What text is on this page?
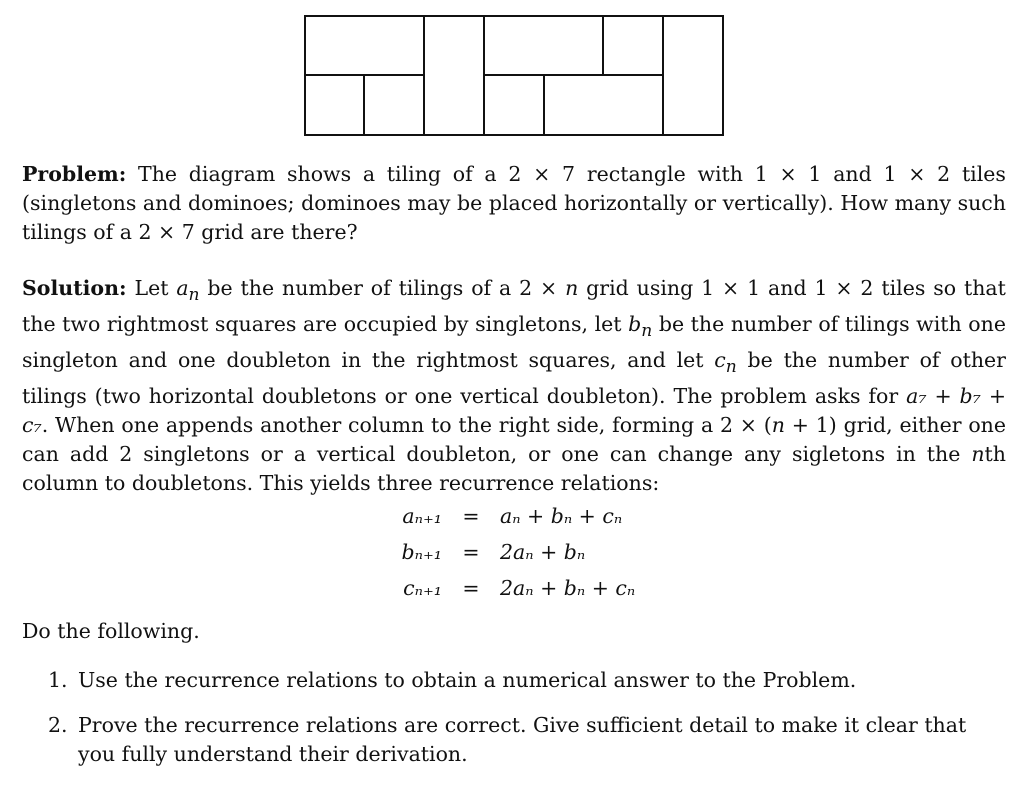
Problem: The diagram shows a tiling of a 2 × 7 rectangle with 1 × 1 and 1 × 2 tiles (singletons and dominoes; dominoes may be placed horizontally or vertically). How many such tilings of a 2 × 7 grid are there?

Solution: Let $a_n$ be the number of tilings of a 2 × n grid using 1 × 1 and 1 × 2 tiles so that the two rightmost squares are occupied by singletons, let $b_n$ be the number of tilings with one singleton and one doubleton in the rightmost squares, and let $c_n$ be the number of other tilings (two horizontal doubletons or one vertical doubleton). The problem asks for a₇ + b₇ + c₇. When one appends another column to the right side, forming a 2 × (n + 1) grid, either one can add 2 singletons or a vertical doubleton, or one can change any sigletons in the nth column to doubletons. This yields three recurrence relations:

aₙ₊₁	=	aₙ + bₙ + cₙ
bₙ₊₁	=	2aₙ + bₙ
cₙ₊₁	=	2aₙ + bₙ + cₙ

Do the following.

1. Use the recurrence relations to obtain a numerical answer to the Problem.
2. Prove the recurrence relations are correct. Give sufficient detail to make it clear that you fully understand their derivation.
